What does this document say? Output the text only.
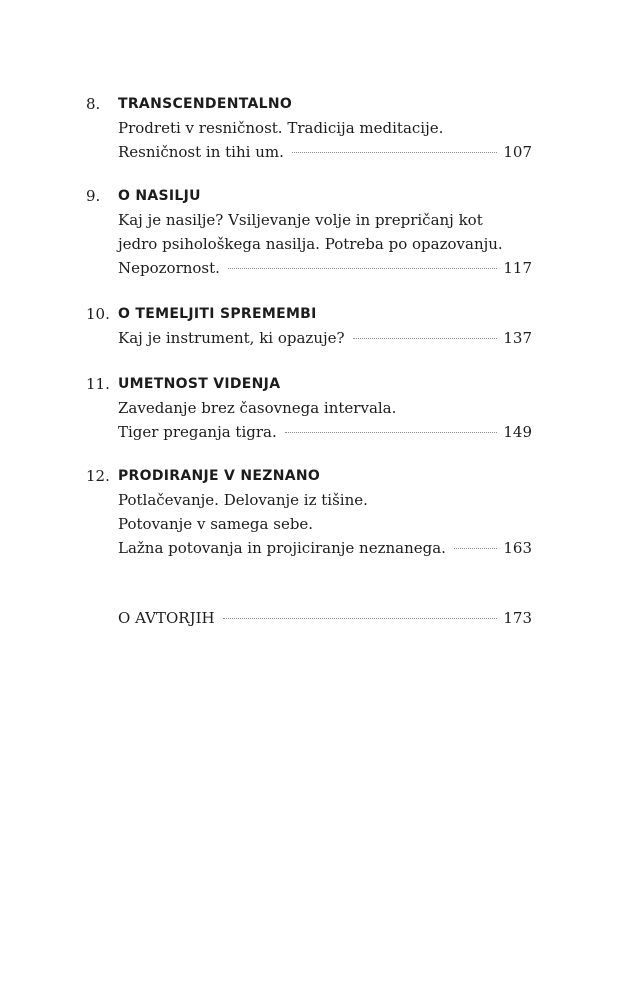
8. TRANSCENDENTALNO
Prodreti v resničnost. Tradicija meditacije.
Resničnost in tihi um.	107
9. O NASILJU
Kaj je nasilje? Vsiljevanje volje in prepričanj kot
jedro psihološkega nasilja. Potreba po opazovanju.
Nepozornost.	117
10. O TEMELJITI SPREMEMBI
Kaj je instrument, ki opazuje?	137
11. UMETNOST VIDENJA
Zavedanje brez časovnega intervala.
Tiger preganja tigra.	149
12. PRODIRANJE V NEZNANO
Potlačevanje. Delovanje iz tišine.
Potovanje v samega sebe.
Lažna potovanja in projiciranje neznanega.	163
O AVTORJIH	173
